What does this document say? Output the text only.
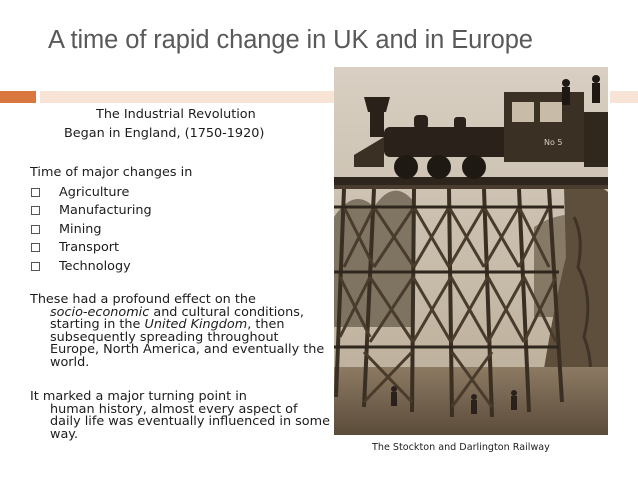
A time of rapid change in UK and in Europe
The Industrial Revolution
Began in England, (1750-1920)
Time of major changes in
Agriculture
Manufacturing
Mining
Transport
Technology
These had a profound effect on the
socio-economic and cultural conditions, starting in the United Kingdom, then subsequently spreading throughout Europe, North America, and eventually the world.
It marked a major turning point in
human history, almost every aspect of daily life was eventually influenced in some way.
No 5
The Stockton and Darlington Railway
